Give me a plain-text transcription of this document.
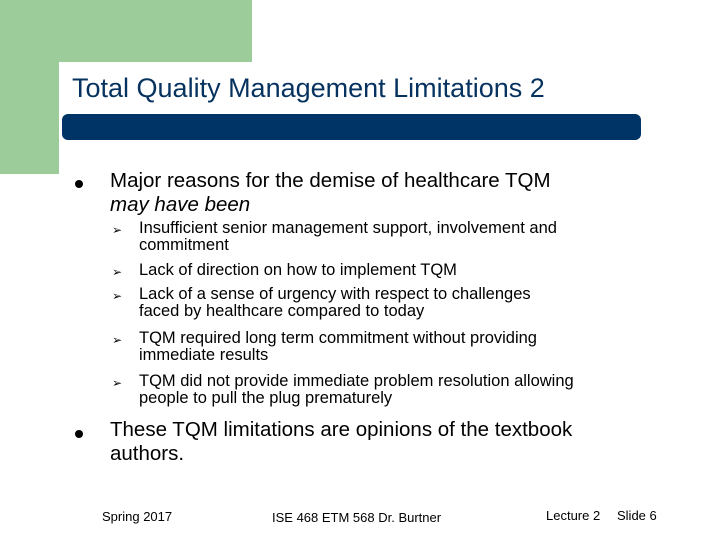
Total Quality Management Limitations 2
Major reasons for the demise of healthcare TQM
may have been
➢ Insufficient senior management support, involvement and
commitment
➢ Lack of direction on how to implement TQM
➢ Lack of a sense of urgency with respect to challenges
faced by healthcare compared to today
➢ TQM required long term commitment without providing
immediate results
➢ TQM did not provide immediate problem resolution allowing
people to pull the plug prematurely
These TQM limitations are opinions of the textbook
authors.
Spring 2017	ISE 468 ETM 568 Dr. Burtner	Lecture 2 Slide 6
